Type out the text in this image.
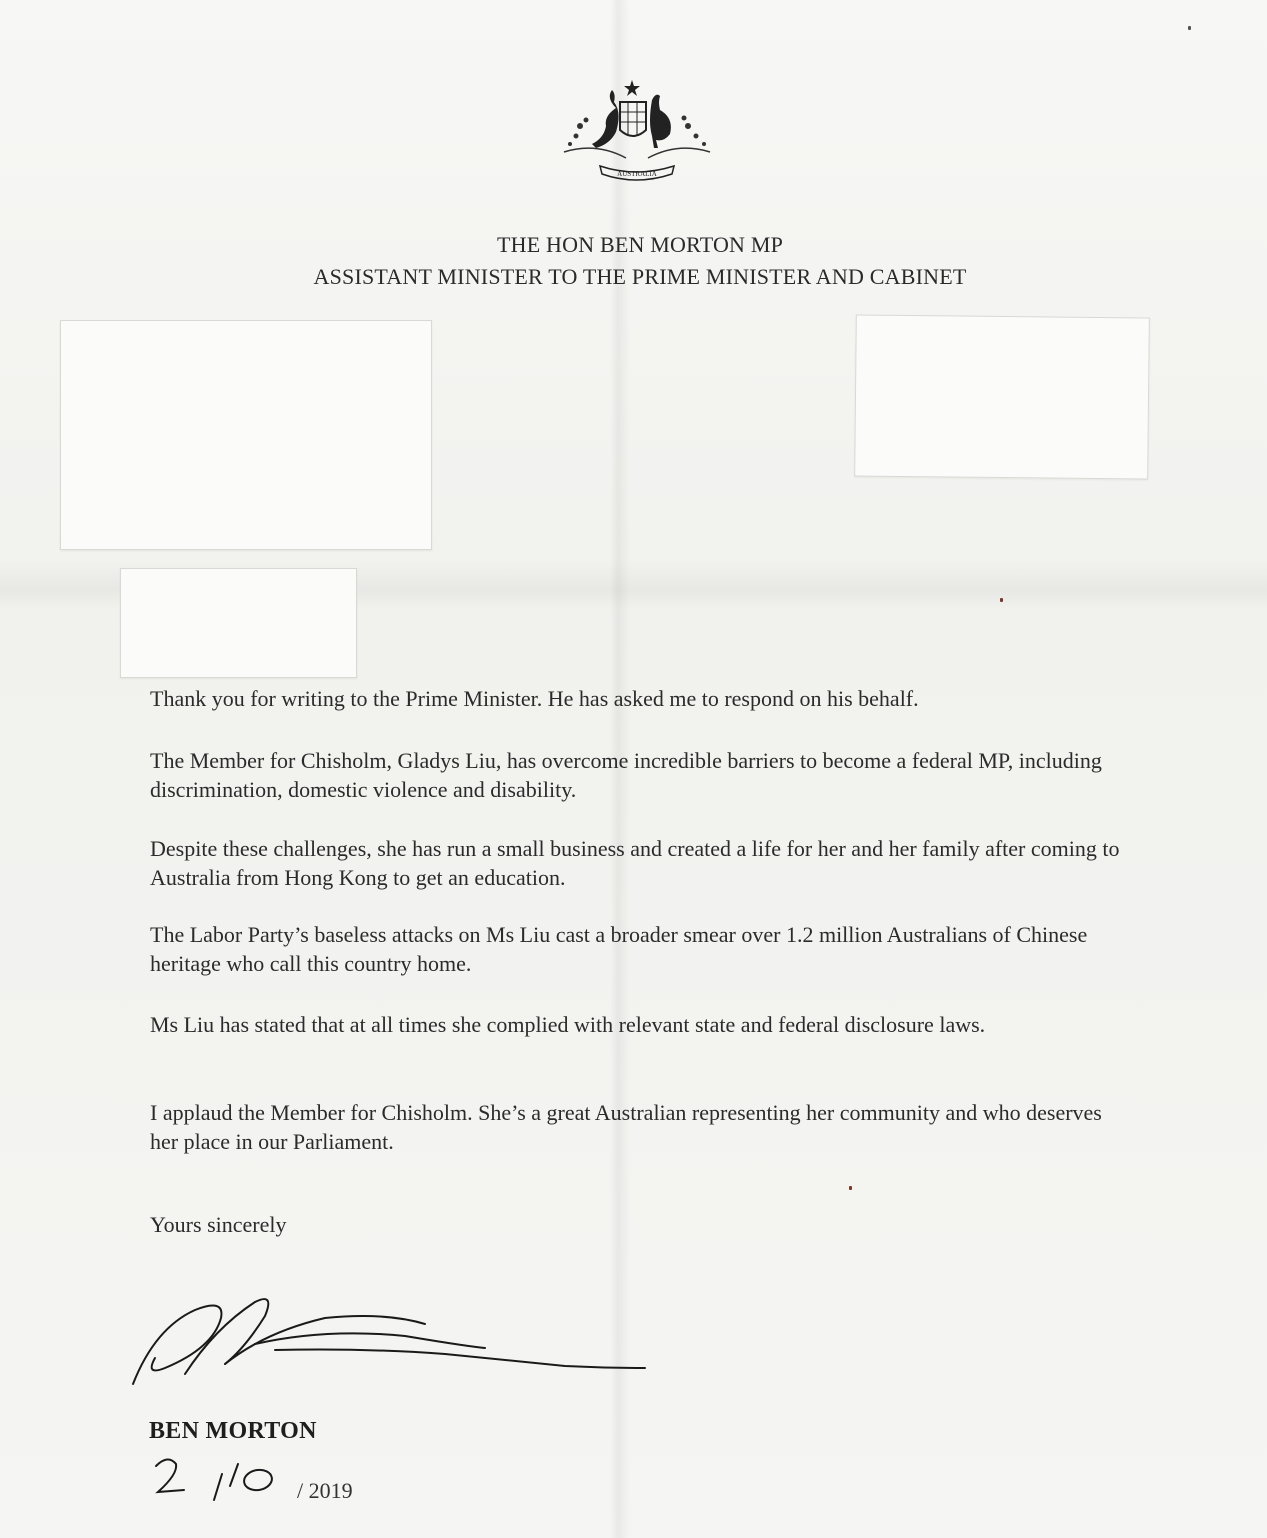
AUSTRALIA
THE HON BEN MORTON MP
ASSISTANT MINISTER TO THE PRIME MINISTER AND CABINET
Thank you for writing to the Prime Minister. He has asked me to respond on his behalf.
The Member for Chisholm, Gladys Liu, has overcome incredible barriers to become a federal MP, including discrimination, domestic violence and disability.
Despite these challenges, she has run a small business and created a life for her and her family after coming to Australia from Hong Kong to get an education.
The Labor Party’s baseless attacks on Ms Liu cast a broader smear over 1.2 million Australians of Chinese heritage who call this country home.
Ms Liu has stated that at all times she complied with relevant state and federal disclosure laws.
I applaud the Member for Chisholm. She’s a great Australian representing her community and who deserves her place in our Parliament.
Yours sincerely
BEN MORTON
/ 2019
